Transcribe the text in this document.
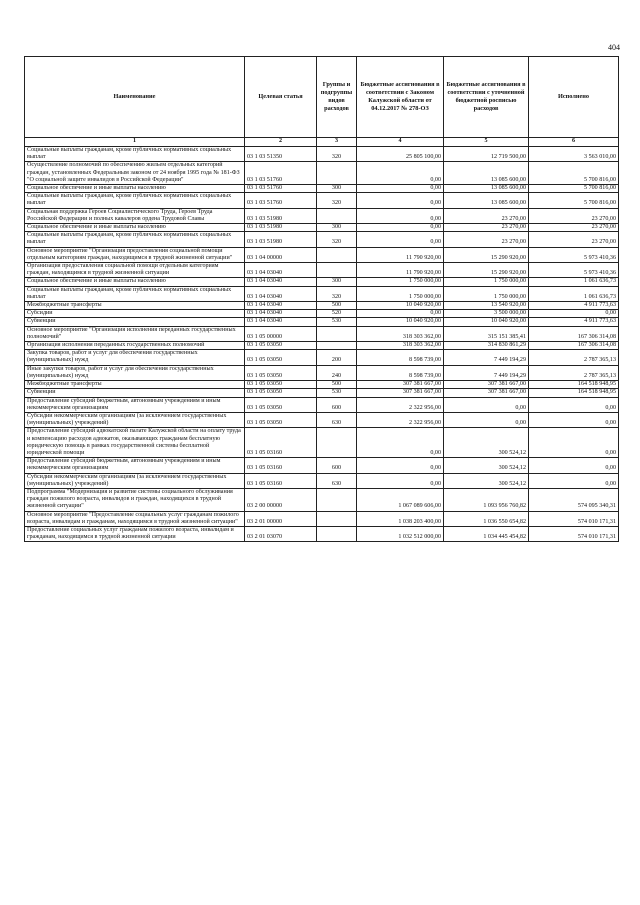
404
Наименование	Целевая статья	Группы и подгруппы видов расходов	Бюджетные ассигнования в соответствии с Законом Калужской области от 04.12.2017 № 278-ОЗ	Бюджетные ассигнования в соответствии с уточненной бюджетной росписью расходов	Исполнено
1	2	3	4	5	6
Социальные выплаты гражданам, кроме публичных нормативных социальных выплат	03 1 03 51350	320	25 805 100,00	12 719 500,00	3 563 010,00
Осуществление полномочий по обеспечению жильем отдельных категорий граждан, установленных Федеральным законом от 24 ноября 1995 года № 181-ФЗ "О социальной защите инвалидов в Российской Федерации"	03 1 03 51760		0,00	13 085 600,00	5 700 816,00
Социальное обеспечение и иные выплаты населению	03 1 03 51760	300	0,00	13 085 600,00	5 700 816,00
Социальные выплаты гражданам, кроме публичных нормативных социальных выплат	03 1 03 51760	320	0,00	13 085 600,00	5 700 816,00
Социальная поддержка Героев Социалистического Труда, Героев Труда Российской Федерации и полных кавалеров ордена Трудовой Славы	03 1 03 51980		0,00	23 270,00	23 270,00
Социальное обеспечение и иные выплаты населению	03 1 03 51980	300	0,00	23 270,00	23 270,00
Социальные выплаты гражданам, кроме публичных нормативных социальных выплат	03 1 03 51980	320	0,00	23 270,00	23 270,00
Основное мероприятие "Организация предоставления социальной помощи отдельным категориям граждан, находящимся в трудной жизненной ситуации"	03 1 04 00000		11 790 920,00	15 290 920,00	5 973 410,36
Организация предоставления социальной помощи отдельным категориям граждан, находящимся в трудной жизненной ситуации	03 1 04 03040		11 790 920,00	15 290 920,00	5 973 410,36
Социальное обеспечение и иные выплаты населению	03 1 04 03040	300	1 750 000,00	1 750 000,00	1 061 636,73
Социальные выплаты гражданам, кроме публичных нормативных социальных выплат	03 1 04 03040	320	1 750 000,00	1 750 000,00	1 061 636,73
Межбюджетные трансферты	03 1 04 03040	500	10 040 920,00	13 540 920,00	4 911 773,63
Субсидии	03 1 04 03040	520	0,00	3 500 000,00	0,00
Субвенции	03 1 04 03040	530	10 040 920,00	10 040 920,00	4 911 773,63
Основное мероприятие "Организация исполнения переданных государственных полномочий"	03 1 05 00000		318 303 362,00	315 151 385,41	167 306 314,08
Организация исполнения переданных государственных полномочий	03 1 05 03050		318 303 362,00	314 830 861,29	167 306 314,08
Закупка товаров, работ и услуг для обеспечения государственных (муниципальных) нужд	03 1 05 03050	200	8 598 739,00	7 449 194,29	2 787 365,13
Иные закупки товаров, работ и услуг для обеспечения государственных (муниципальных) нужд	03 1 05 03050	240	8 598 739,00	7 449 194,29	2 787 365,13
Межбюджетные трансферты	03 1 05 03050	500	307 381 667,00	307 381 667,00	164 518 948,95
Субвенции	03 1 05 03050	530	307 381 667,00	307 381 667,00	164 518 948,95
Предоставление субсидий бюджетным, автономным учреждениям и иным некоммерческим организациям	03 1 05 03050	600	2 322 956,00	0,00	0,00
Субсидии некоммерческим организациям (за исключением государственных (муниципальных) учреждений)	03 1 05 03050	630	2 322 956,00	0,00	0,00
Предоставление субсидий адвокатской палате Калужской области на оплату труда и компенсацию расходов адвокатов, оказывающих гражданам бесплатную юридическую помощь в рамках государственной системы бесплатной юридической помощи	03 1 05 03160		0,00	300 524,12	0,00
Предоставление субсидий бюджетным, автономным учреждениям и иным некоммерческим организациям	03 1 05 03160	600	0,00	300 524,12	0,00
Субсидии некоммерческим организациям (за исключением государственных (муниципальных) учреждений)	03 1 05 03160	630	0,00	300 524,12	0,00
Подпрограмма "Модернизация и развитие системы социального обслуживания граждан пожилого возраста, инвалидов и граждан, находящихся в трудной жизненной ситуации"	03 2 00 00000		1 067 089 606,00	1 093 956 760,82	574 095 340,31
Основное мероприятие "Предоставление социальных услуг гражданам пожилого возраста, инвалидам и гражданам, находящимся в трудной жизненной ситуации"	03 2 01 00000		1 038 203 400,00	1 036 550 654,82	574 010 171,31
Предоставление социальных услуг гражданам пожилого возраста, инвалидам и гражданам, находящимся в трудной жизненной ситуации	03 2 01 03070		1 032 512 000,00	1 034 445 454,82	574 010 171,31
